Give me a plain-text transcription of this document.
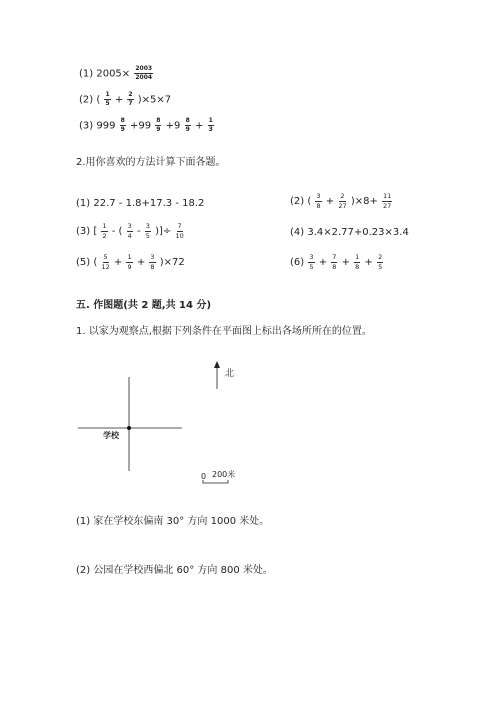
(1) $2005\times \frac{2003}{2004}$
(2) ( $\frac{1}{5} + \frac{2}{7} )\times 5\times 7$
(3) $999 \frac{8}{9} +99 \frac{8}{9} +9 \frac{8}{9} + \frac{1}{3}$
2.用你喜欢的方法计算下面各题。
(1) 22.7 - 1.8+17.3 - 18.2	(2) ( $\frac{3}{8} + \frac{2}{27} )\times 8+ \frac{11}{27}$
(3) [ $\frac{1}{2}$ - ( $\frac{3}{4} - \frac{3}{5}$ )]÷ $\frac{7}{10}$	(4) 3.4×2.77+0.23×3.4
(5) ( $\frac{5}{12} + \frac{1}{9} + \frac{3}{8} )\times 72$	$(6) \frac{3}{5} + \frac{7}{8} + \frac{1}{8} + \frac{2}{5}$
五. 作图题(共 2 题,共 14 分)
1. 以家为观察点,根据下列条件在平面图上标出各场所所在的位置。
北
学校
0 200米
(1) 家在学校东偏南 30° 方向 1000 米处。
(2) 公园在学校西偏北 60° 方向 800 米处。
